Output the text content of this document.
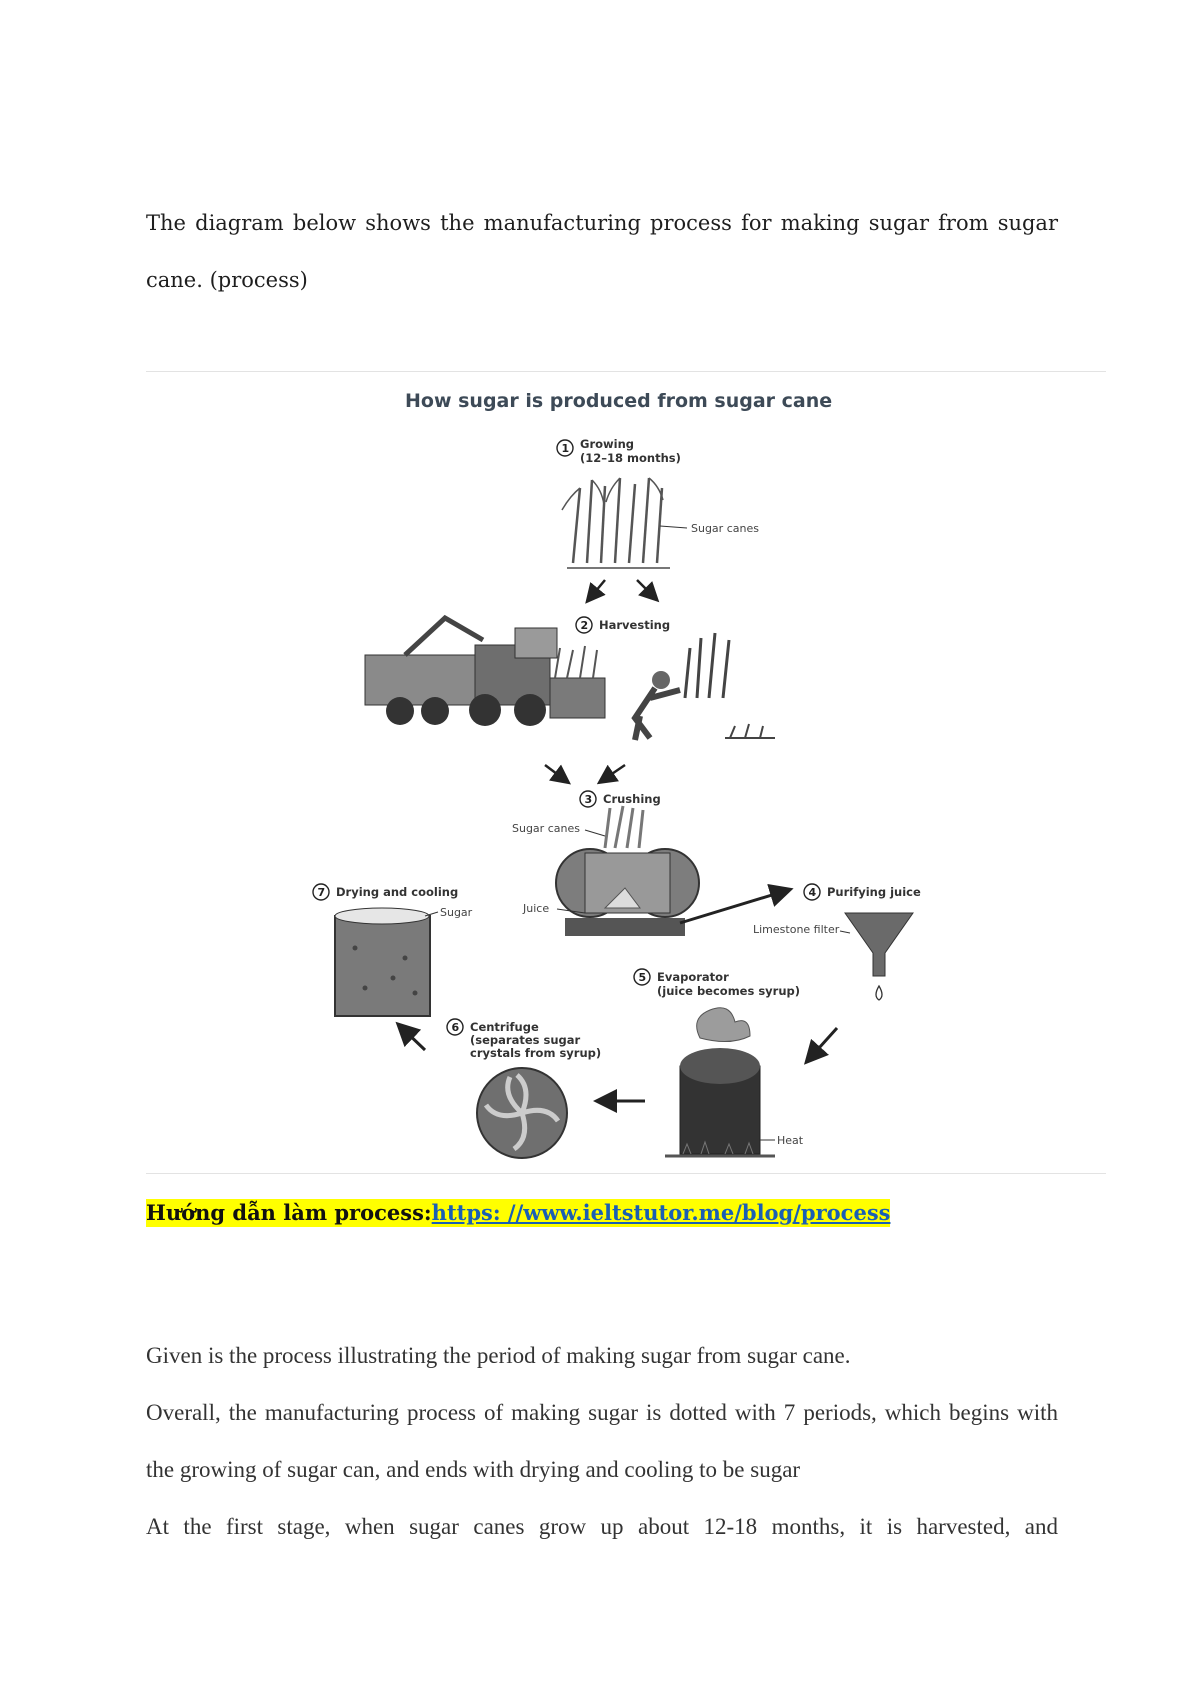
The diagram below shows the manufacturing process for making sugar from sugar cane. (process)

How sugar is produced from sugar cane
1 Growing
(12–18 months)
Sugar canes
2 Harvesting
3 Crushing
Sugar canes
Juice
4 Purifying juice
Limestone filter
5 Evaporator
(juice becomes syrup)
Heat
6 Centrifuge
(separates sugar
crystals from syrup)
7 Drying and cooling
Sugar

Hướng dẫn làm process:https: //www.ieltstutor.me/blog/process

Given is the process illustrating the period of making sugar from sugar cane.

Overall, the manufacturing process of making sugar is dotted with 7 periods, which begins with the growing of sugar can, and ends with drying and cooling to be sugar

At the first stage, when sugar canes grow up about 12-18 months, it is harvested, and
